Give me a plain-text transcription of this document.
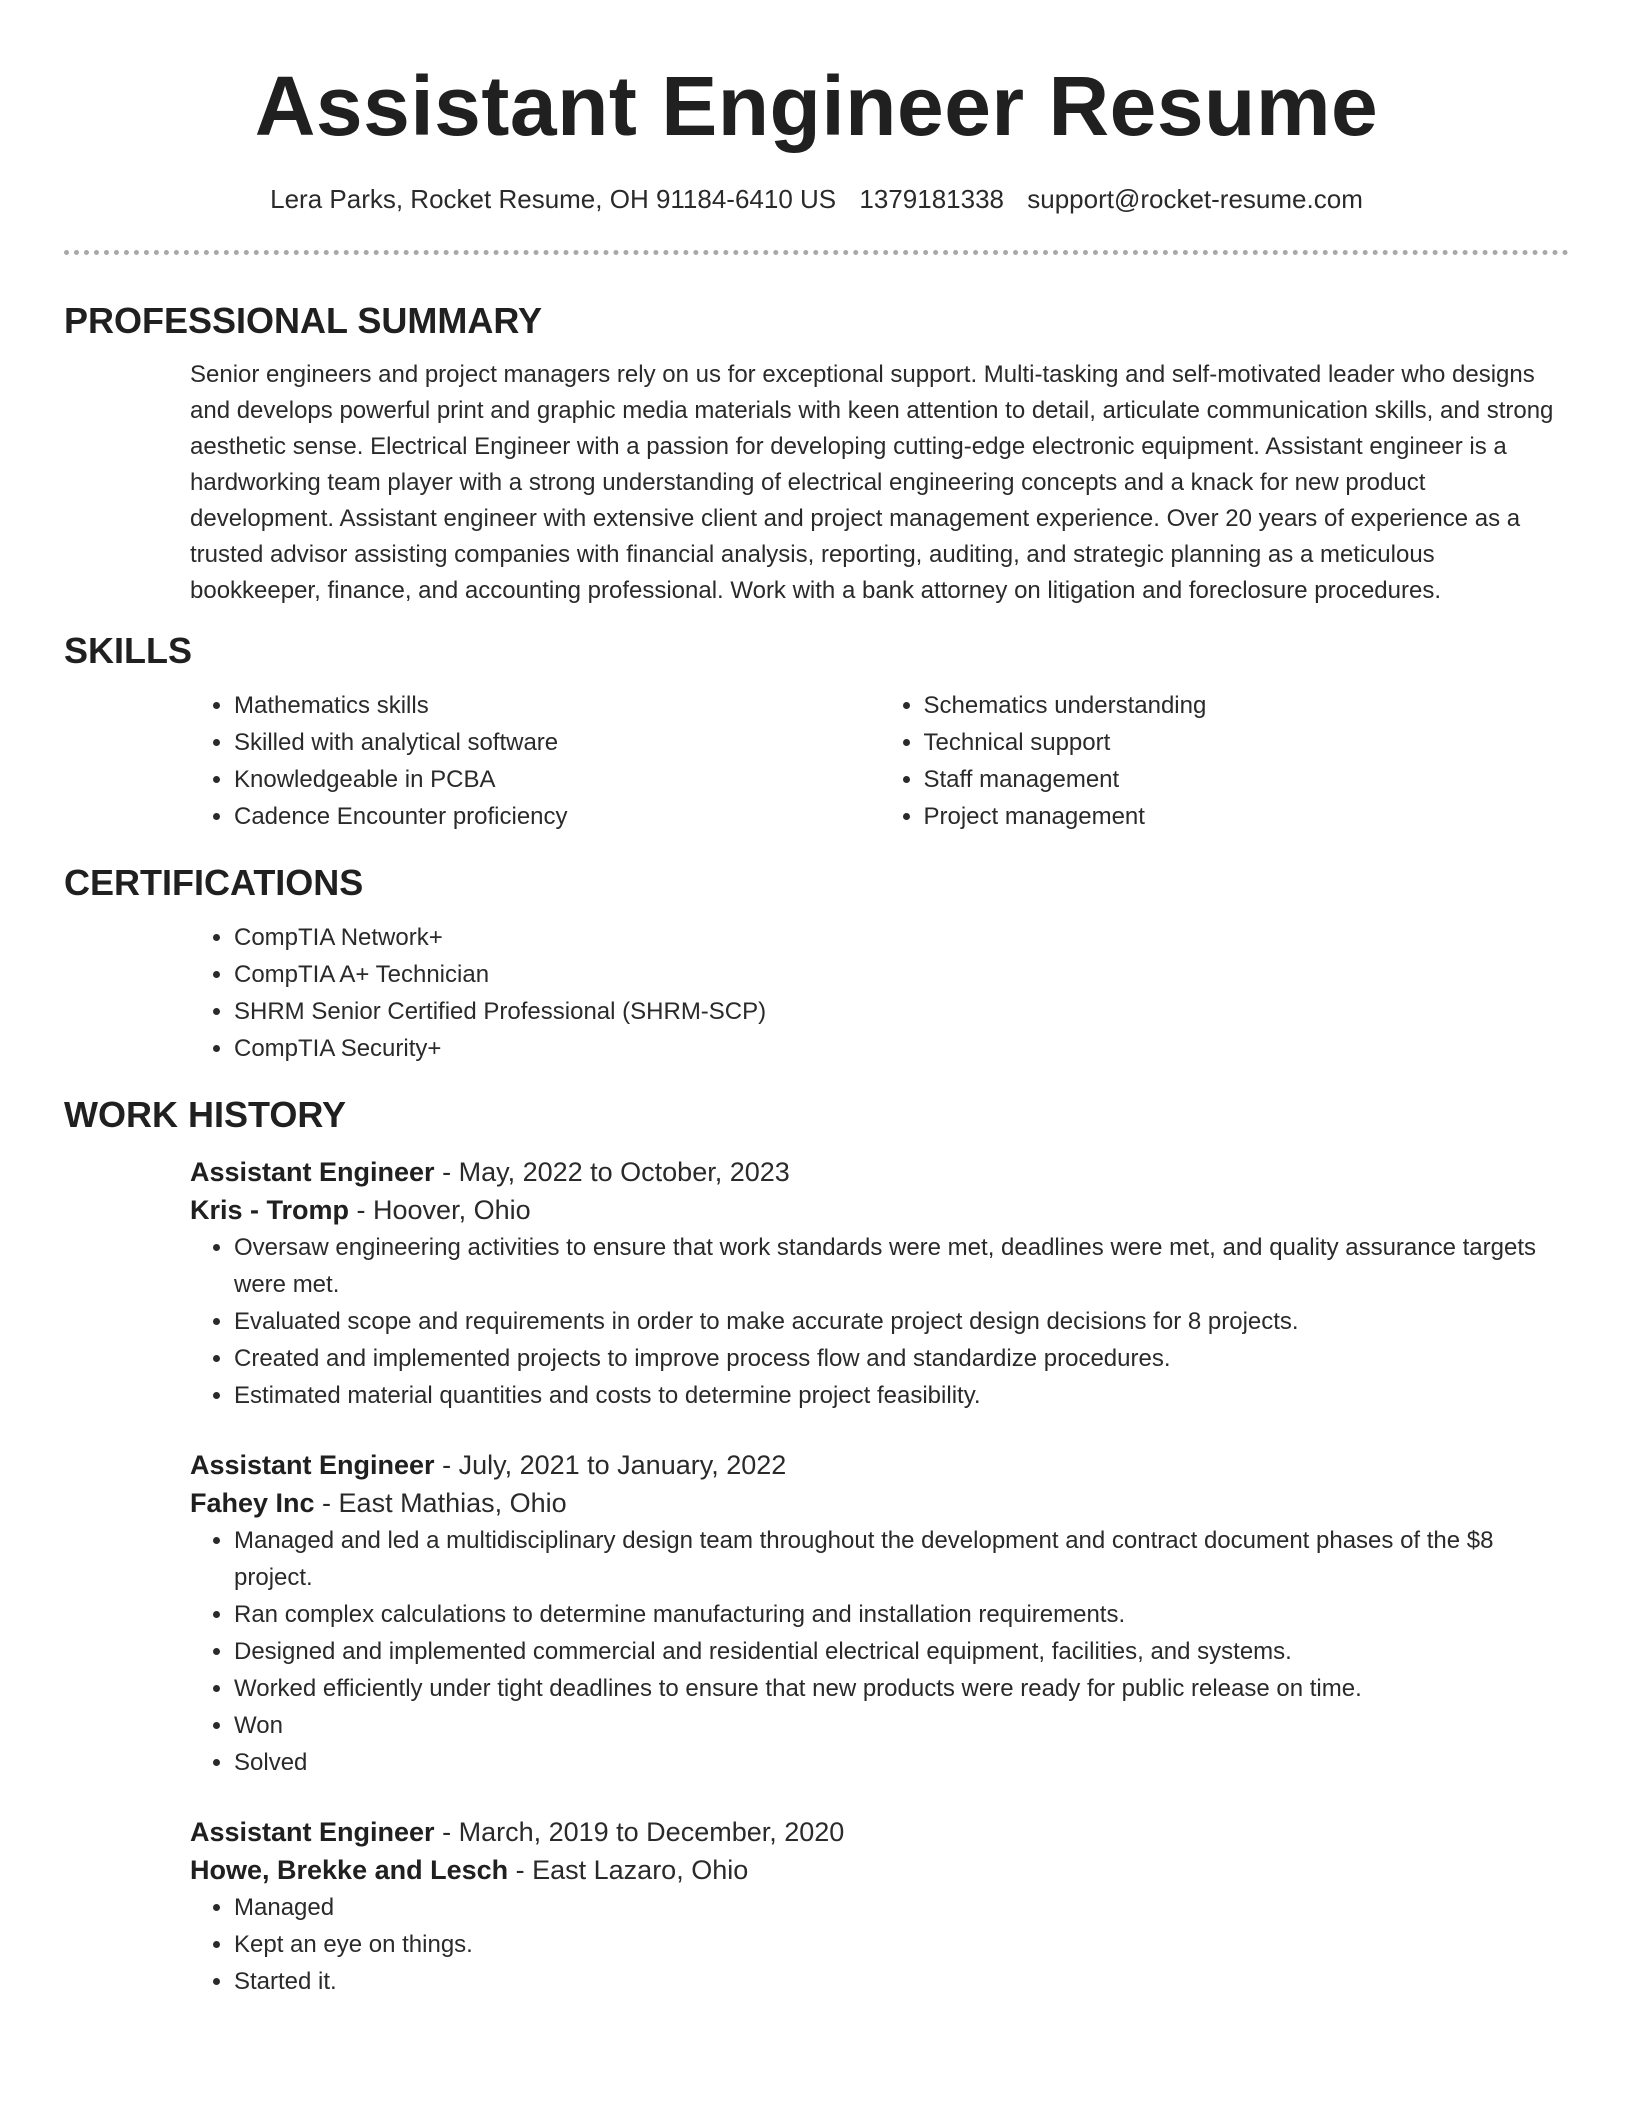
Assistant Engineer Resume
Lera Parks, Rocket Resume, OH 91184-6410 US 1379181338 support@rocket-resume.com
PROFESSIONAL SUMMARY

Senior engineers and project managers rely on us for exceptional support. Multi-tasking and self-motivated leader who designs and develops powerful print and graphic media materials with keen attention to detail, articulate communication skills, and strong aesthetic sense. Electrical Engineer with a passion for developing cutting-edge electronic equipment. Assistant engineer is a hardworking team player with a strong understanding of electrical engineering concepts and a knack for new product development. Assistant engineer with extensive client and project management experience. Over 20 years of experience as a trusted advisor assisting companies with financial analysis, reporting, auditing, and strategic planning as a meticulous bookkeeper, finance, and accounting professional. Work with a bank attorney on litigation and foreclosure procedures.

SKILLS
• Mathematics skills
• Skilled with analytical software
• Knowledgeable in PCBA
• Cadence Encounter proficiency
• Schematics understanding
• Technical support
• Staff management
• Project management
CERTIFICATIONS
• CompTIA Network+
• CompTIA A+ Technician
• SHRM Senior Certified Professional (SHRM-SCP)
• CompTIA Security+
WORK HISTORY
Assistant Engineer - May, 2022 to October, 2023
Kris - Tromp - Hoover, Ohio
• Oversaw engineering activities to ensure that work standards were met, deadlines were met, and quality assurance targets were met.
• Evaluated scope and requirements in order to make accurate project design decisions for 8 projects.
• Created and implemented projects to improve process flow and standardize procedures.
• Estimated material quantities and costs to determine project feasibility.
Assistant Engineer - July, 2021 to January, 2022
Fahey Inc - East Mathias, Ohio
• Managed and led a multidisciplinary design team throughout the development and contract document phases of the $8 project.
• Ran complex calculations to determine manufacturing and installation requirements.
• Designed and implemented commercial and residential electrical equipment, facilities, and systems.
• Worked efficiently under tight deadlines to ensure that new products were ready for public release on time.
• Won
• Solved
Assistant Engineer - March, 2019 to December, 2020
Howe, Brekke and Lesch - East Lazaro, Ohio
• Managed
• Kept an eye on things.
• Started it.
